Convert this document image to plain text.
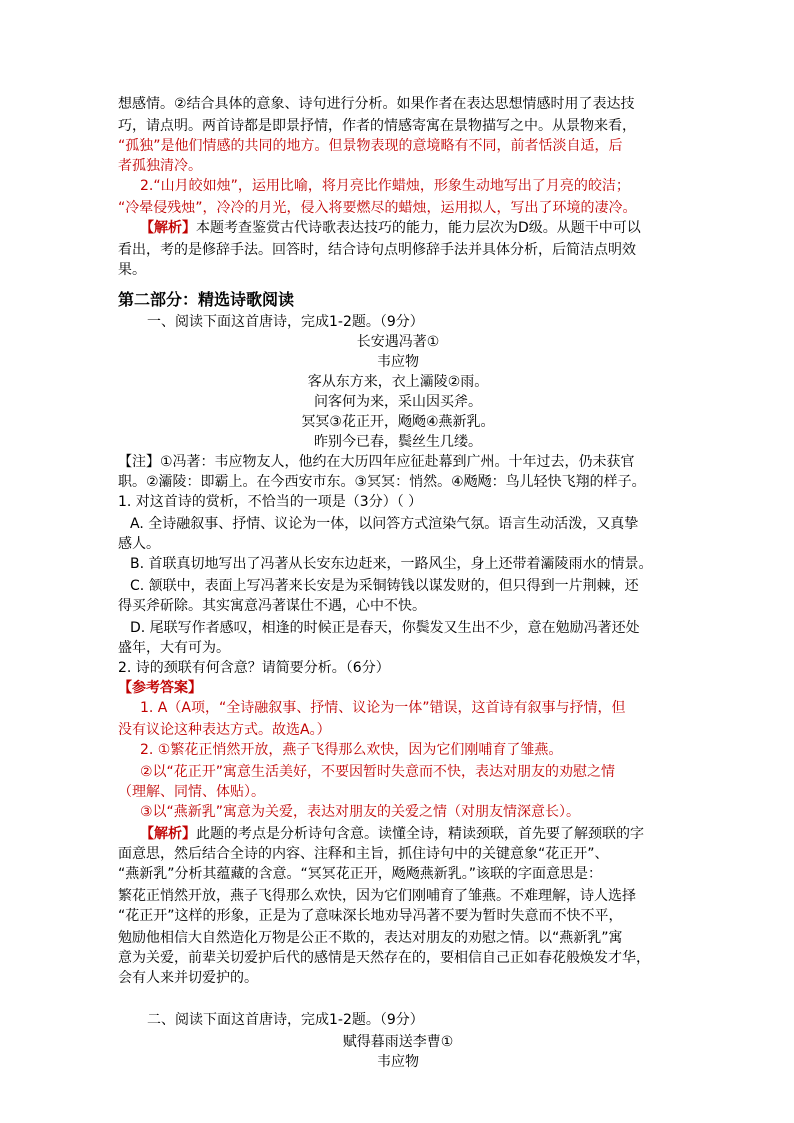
想感情。②结合具体的意象、诗句进行分析。如果作者在表达思想情感时用了表达技
巧，请点明。两首诗都是即景抒情，作者的情感寄寓在景物描写之中。从景物来看，
“孤独”是他们情感的共同的地方。但景物表现的意境略有不同，前者恬淡自适，后
者孤独清冷。
2.“山月皎如烛”，运用比喻，将月亮比作蜡烛，形象生动地写出了月亮的皎洁；
“冷晕侵残烛”，冷冷的月光，侵入将要燃尽的蜡烛，运用拟人，写出了环境的凄冷。
【解析】本题考查鉴赏古代诗歌表达技巧的能力，能力层次为D级。从题干中可以
看出，考的是修辞手法。回答时，结合诗句点明修辞手法并具体分析，后简洁点明效
果。
第二部分：精选诗歌阅读
一、阅读下面这首唐诗，完成1-2题。（9分）
长安遇冯著①
韦应物
客从东方来，衣上灞陵②雨。
问客何为来，采山因买斧。
冥冥③花正开，飏飏④燕新乳。
昨别今已春，鬓丝生几缕。
【注】①冯著：韦应物友人，他约在大历四年应征赴幕到广州。十年过去，仍未获官
职。②灞陵：即霸上。在今西安市东。③冥冥：悄然。④飏飏：鸟儿轻快飞翔的样子。
1. 对这首诗的赏析，不恰当的一项是（3分）（ ）
A. 全诗融叙事、抒情、议论为一体，以问答方式渲染气氛。语言生动活泼，又真挚
感人。
B. 首联真切地写出了冯著从长安东边赶来，一路风尘，身上还带着灞陵雨水的情景。
C. 颔联中，表面上写冯著来长安是为采铜铸钱以谋发财的，但只得到一片荆棘，还
得买斧斫除。其实寓意冯著谋仕不遇，心中不快。
D. 尾联写作者感叹，相逢的时候正是春天，你鬓发又生出不少，意在勉励冯著还处
盛年，大有可为。
2. 诗的颈联有何含意？请简要分析。（6分）
【参考答案】
1. A（A项，“全诗融叙事、抒情、议论为一体”错误，这首诗有叙事与抒情，但
没有议论这种表达方式。故选A。）
2. ①繁花正悄然开放，燕子飞得那么欢快，因为它们刚哺育了雏燕。
②以“花正开”寓意生活美好，不要因暂时失意而不快，表达对朋友的劝慰之情
（理解、同情、体贴）。
③以“燕新乳”寓意为关爱，表达对朋友的关爱之情（对朋友情深意长）。
【解析】此题的考点是分析诗句含意。读懂全诗，精读颈联，首先要了解颈联的字
面意思，然后结合全诗的内容、注释和主旨，抓住诗句中的关键意象“花正开”、
“燕新乳”分析其蕴藏的含意。“冥冥花正开，飏飏燕新乳。”该联的字面意思是：
繁花正悄然开放，燕子飞得那么欢快，因为它们刚哺育了雏燕。不难理解，诗人选择
“花正开”这样的形象，正是为了意味深长地劝导冯著不要为暂时失意而不快不平，
勉励他相信大自然造化万物是公正不欺的，表达对朋友的劝慰之情。以“燕新乳”寓
意为关爱，前辈关切爱护后代的感情是天然存在的，要相信自己正如春花般焕发才华，
会有人来并切爱护的。
二、阅读下面这首唐诗，完成1-2题。（9分）
赋得暮雨送李曹①
韦应物
